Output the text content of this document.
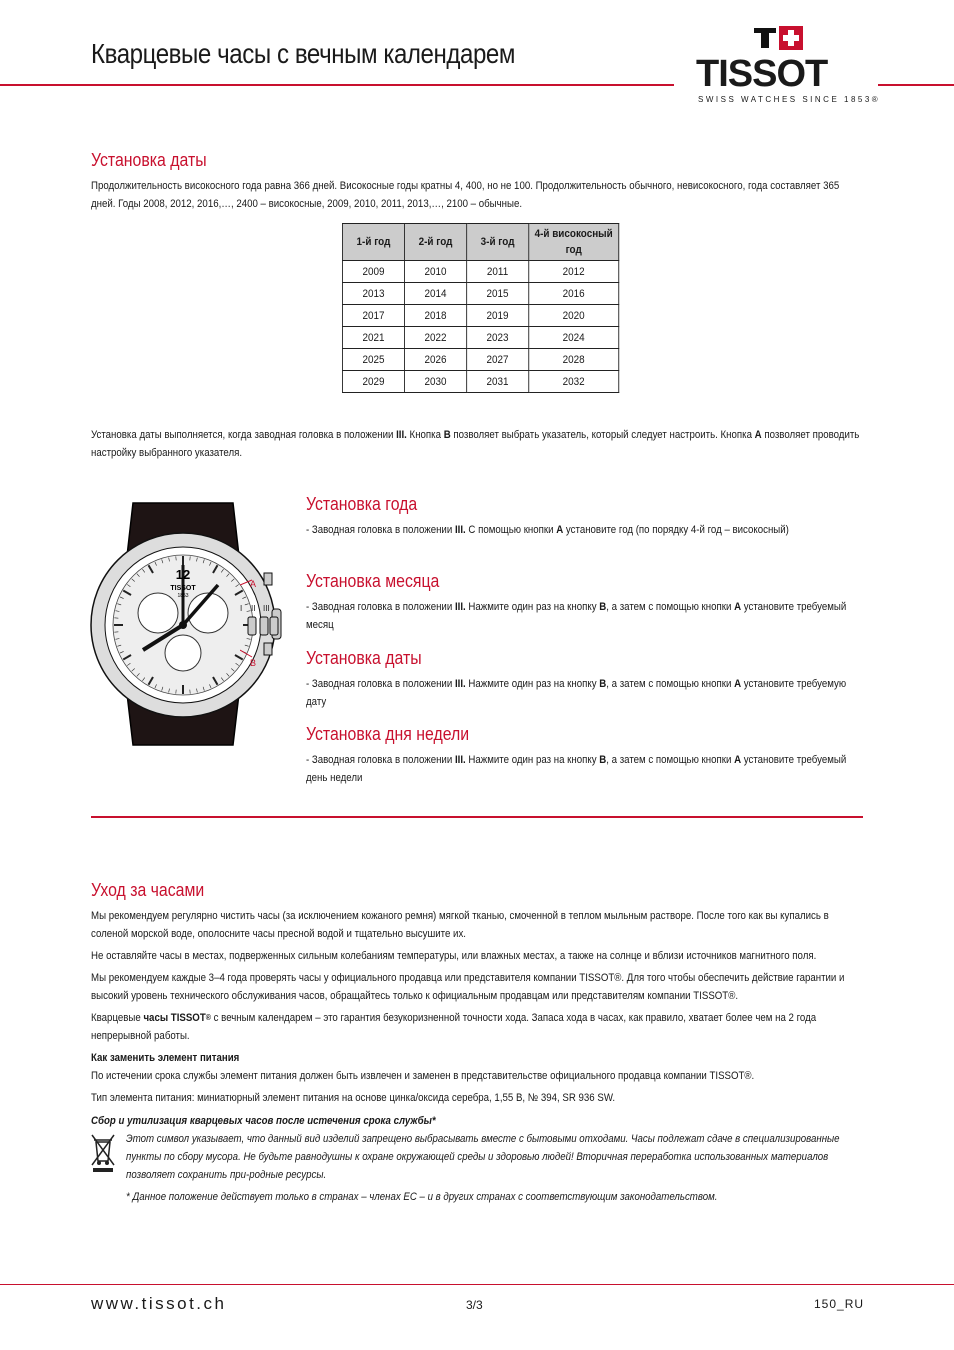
Кварцевые часы с вечным календарем	TISSOT
SWISS WATCHES SINCE 1853®
Установка даты
Продолжительность високосного года равна 366 дней. Високосные годы кратны 4, 400, но не 100. Продолжительность обычного, невисокосного, года составляет 365 дней. Годы 2008, 2012, 2016,…, 2400 – високосные, 2009, 2010, 2011, 2013,…, 2100 – обычные.
1-й год	2-й год	3-й год	4-й високосный год
2009	2010	2011	2012
2013	2014	2015	2016
2017	2018	2019	2020
2021	2022	2023	2024
2025	2026	2027	2028
2029	2030	2031	2032
Установка даты выполняется, когда заводная головка в положении III. Кнопка B позволяет выбрать указатель, который следует настроить. Кнопка A позволяет проводить настройку выбранного указателя.
12
TISSOT
1853
A
B
I II III
Установка года
- Заводная головка в положении III. С помощью кнопки A установите год (по порядку 4-й год – високосный)
Установка месяца
- Заводная головка в положении III. Нажмите один раз на кнопку B, а затем с помощью кнопки A установите требуемый месяц
Установка даты
- Заводная головка в положении III. Нажмите один раз на кнопку B, а затем с помощью кнопки A установите требуемую дату
Установка дня недели
- Заводная головка в положении III. Нажмите один раз на кнопку B, а затем с помощью кнопки A установите требуемый день недели
Уход за часами
Мы рекомендуем регулярно чистить часы (за исключением кожаного ремня) мягкой тканью, смоченной в теплом мыльным растворе. После того как вы купались в соленой морской воде, ополосните часы пресной водой и тщательно высушите их.
Не оставляйте часы в местах, подверженных сильным колебаниям температуры, или влажных местах, а также на солнце и вблизи источников магнитного поля.
Мы рекомендуем каждые 3–4 года проверять часы у официального продавца или представителя компании TISSOT®. Для того чтобы обеспечить действие гарантии и высокий уровень технического обслуживания часов, обращайтесь только к официальным продавцам или представителям компании TISSOT®.
Кварцевые часы TISSOT® с вечным календарем – это гарантия безукоризненной точности хода. Запаса хода в часах, как правило, хватает более чем на 2 года непрерывной работы.
Как заменить элемент питания
По истечении срока службы элемент питания должен быть извлечен и заменен в представительстве официального продавца компании TISSOT®.
Тип элемента питания: миниатюрный элемент питания на основе цинка/оксида серебра, 1,55 B, № 394, SR 936 SW.
Сбор и утилизация кварцевых часов после истечения срока службы*
Этот символ указывает, что данный вид изделий запрещено выбрасывать вместе с бытовыми отходами. Часы подлежат сдаче в специализированные пункты по сбору мусора. Не будьте равнодушны к охране окружающей среды и здоровью людей! Вторичная переработка использованных материалов позволяет сохранить при-родные ресурсы.
* Данное положение действует только в странах – членах ЕС – и в других странах с соответствующим законодательством.
www.tissot.ch	3/3	150_RU
